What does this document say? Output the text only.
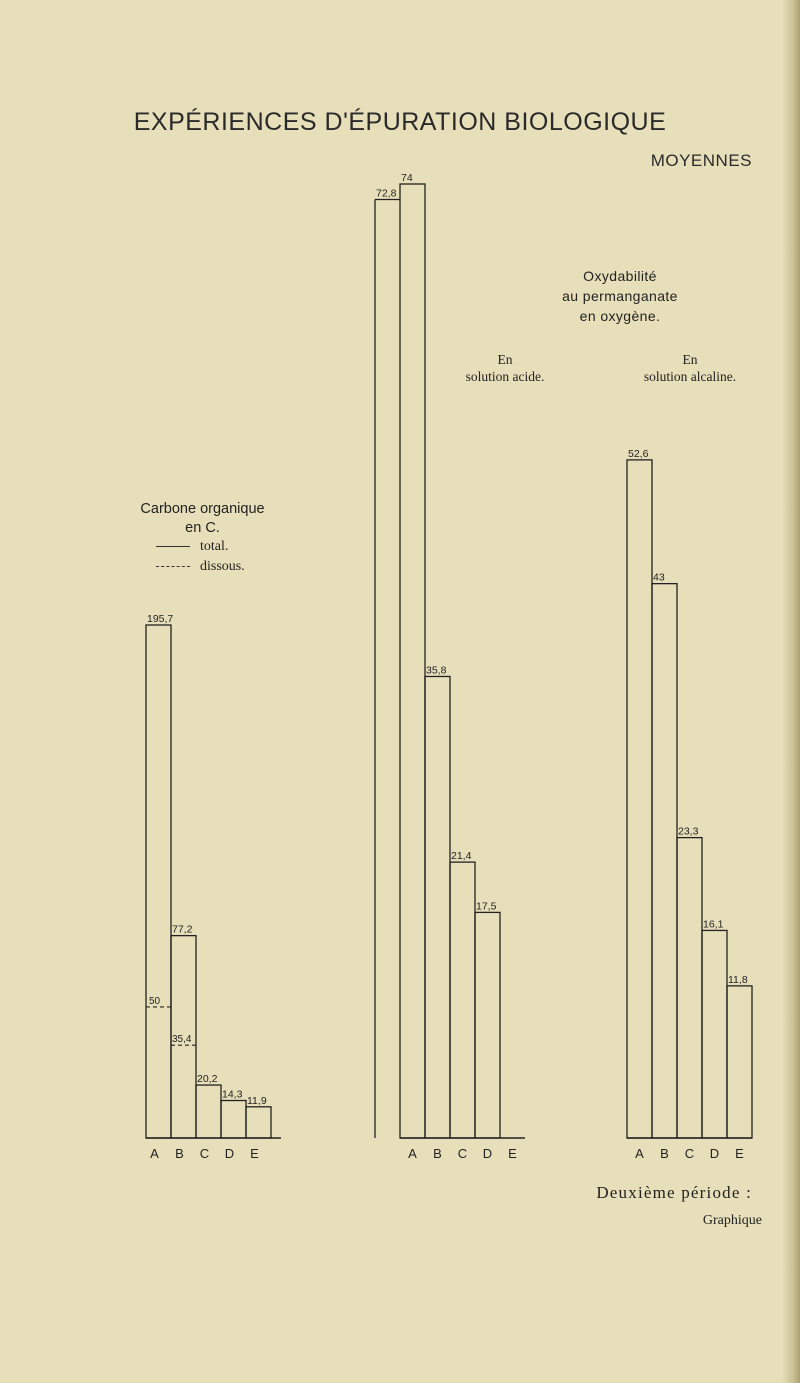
EXPÉRIENCES D'ÉPURATION BIOLOGIQUE
MOYENNES
Carbone organique
en C.
total.
dissous.
Oxydabilité
au permanganate
en oxygène.
En
solution acide.
En
solution alcaline.
195,7
A
77,2
B
20,2
C
14,3
D
11,9
E
50
35,4
74
A
35,8
B
21,4
C
17,5
D E
72,8
52,6
A
43
B
23,3
C
16,1
D
11,8
E
Deuxième période :
Graphique
